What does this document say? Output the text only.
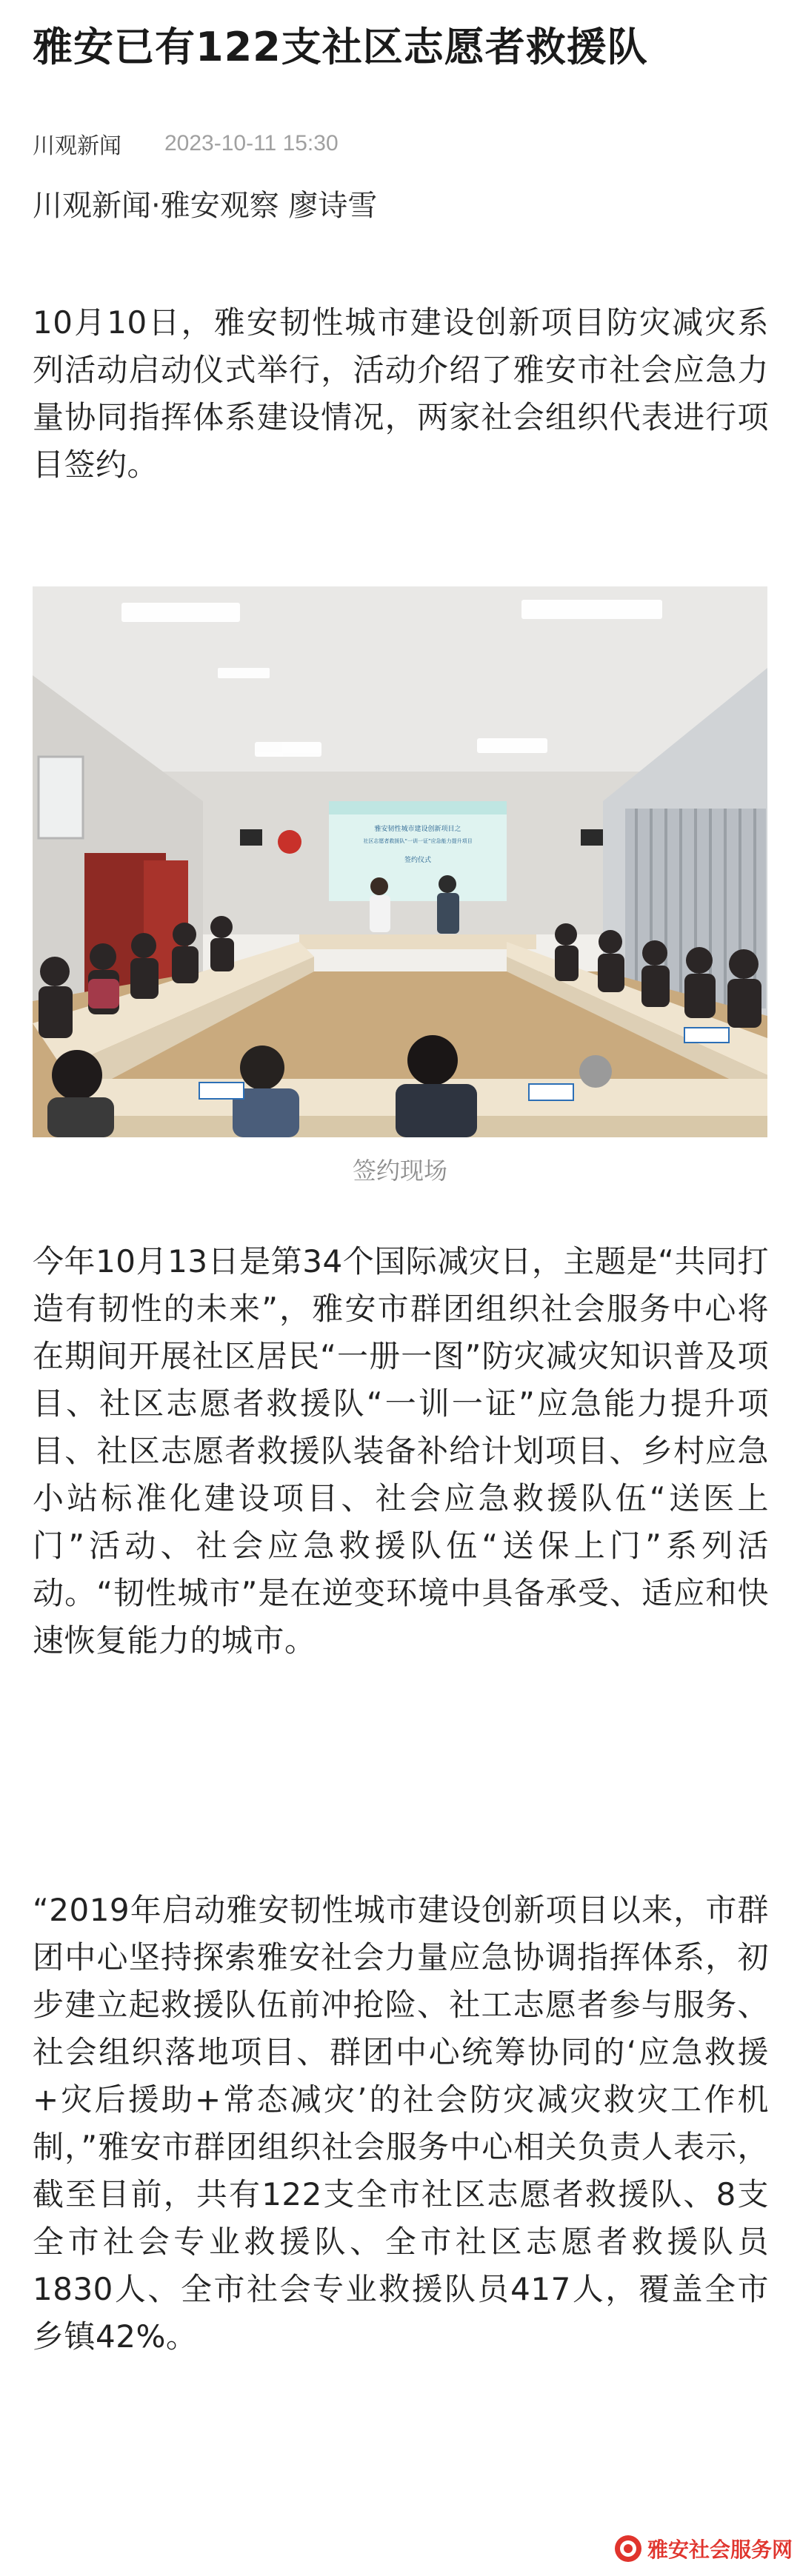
雅安已有122支社区志愿者救援队
川观新闻 2023-10-11 15:30
川观新闻·雅安观察 廖诗雪

10月10日，雅安韧性城市建设创新项目防灾减灾系列活动启动仪式举行，活动介绍了雅安市社会应急力量协同指挥体系建设情况，两家社会组织代表进行项目签约。

雅安韧性城市建设创新项目之
社区志愿者救援队“一训一证”应急能力提升项目
签约仪式
签约现场

今年10月13日是第34个国际减灾日，主题是“共同打造有韧性的未来”，雅安市群团组织社会服务中心将在期间开展社区居民“一册一图”防灾减灾知识普及项目、社区志愿者救援队“一训一证”应急能力提升项目、社区志愿者救援队装备补给计划项目、乡村应急小站标准化建设项目、社会应急救援队伍“送医上门”活动、社会应急救援队伍“送保上门”系列活动。“韧性城市”是在逆变环境中具备承受、适应和快速恢复能力的城市。

“2019年启动雅安韧性城市建设创新项目以来，市群团中心坚持探索雅安社会力量应急协调指挥体系，初步建立起救援队伍前冲抢险、社工志愿者参与服务、社会组织落地项目、群团中心统筹协同的‘应急救援+灾后援助+常态减灾’的社会防灾减灾救灾工作机制，”雅安市群团组织社会服务中心相关负责人表示，截至目前，共有122支全市社区志愿者救援队、8支全市社会专业救援队、全市社区志愿者救援队员1830人、全市社会专业救援队员417人，覆盖全市乡镇42%。

雅安社会服务网
